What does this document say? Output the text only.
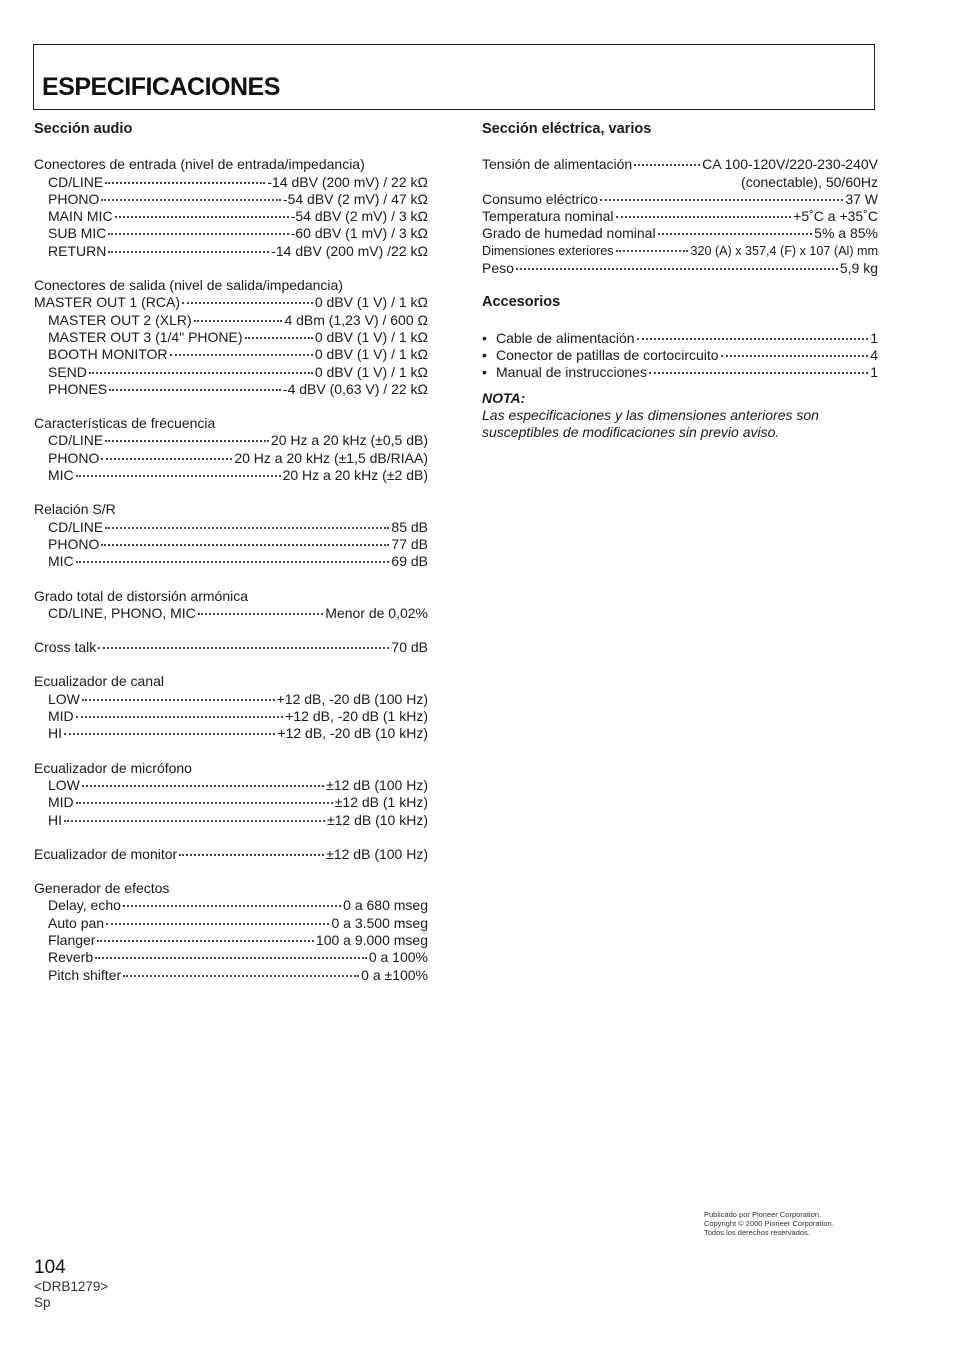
ESPECIFICACIONES
Sección audio
Conectores de entrada (nivel de entrada/impedancia)
CD/LINE	-14 dBV (200 mV) / 22 kΩ
PHONO	-54 dBV (2 mV) / 47 kΩ
MAIN MIC	-54 dBV (2 mV) / 3 kΩ
SUB MIC	-60 dBV (1 mV) / 3 kΩ
RETURN	-14 dBV (200 mV) /22 kΩ
Conectores de salida (nivel de salida/impedancia)
MASTER OUT 1 (RCA)	0 dBV (1 V) / 1 kΩ
MASTER OUT 2 (XLR)	4 dBm (1,23 V) / 600 Ω
MASTER OUT 3 (1/4" PHONE)	0 dBV (1 V) / 1 kΩ
BOOTH MONITOR	0 dBV (1 V) / 1 kΩ
SEND	0 dBV (1 V) / 1 kΩ
PHONES	-4 dBV (0,63 V) / 22 kΩ
Características de frecuencia
CD/LINE	20 Hz a 20 kHz (±0,5 dB)
PHONO	20 Hz a 20 kHz (±1,5 dB/RIAA)
MIC	20 Hz a 20 kHz (±2 dB)
Relación S/R
CD/LINE	85 dB
PHONO	77 dB
MIC	69 dB
Grado total de distorsión armónica
CD/LINE, PHONO, MIC	Menor de 0,02%
Cross talk	70 dB
Ecualizador de canal
LOW	+12 dB, -20 dB (100 Hz)
MID	+12 dB, -20 dB (1 kHz)
HI	+12 dB, -20 dB (10 kHz)
Ecualizador de micrófono
LOW	±12 dB (100 Hz)
MID	±12 dB (1 kHz)
HI	±12 dB (10 kHz)
Ecualizador de monitor	±12 dB (100 Hz)
Generador de efectos
Delay, echo	0 a 680 mseg
Auto pan	0 a 3.500 mseg
Flanger	100 a 9.000 mseg
Reverb	0 a 100%
Pitch shifter	0 a ±100%
Sección eléctrica, varios
Tensión de alimentación	CA 100-120V/220-230-240V
(conectable), 50/60Hz
Consumo eléctrico	37 W
Temperatura nominal	+5˚C a +35˚C
Grado de humedad nominal	5% a 85%
Dimensiones exteriores	320 (A) x 357,4 (F) x 107 (Al) mm
Peso	5,9 kg
Accesorios
• Cable de alimentación	1
• Conector de patillas de cortocircuito	4
• Manual de instrucciones	1
NOTA:
Las especificaciones y las dimensiones anteriores son susceptibles de modificaciones sin previo aviso.
Publicado por Pioneer Corporation.
Copyright © 2000 Pioneer Corporation.
Todos los derechos reservados.
104
<DRB1279>
Sp
